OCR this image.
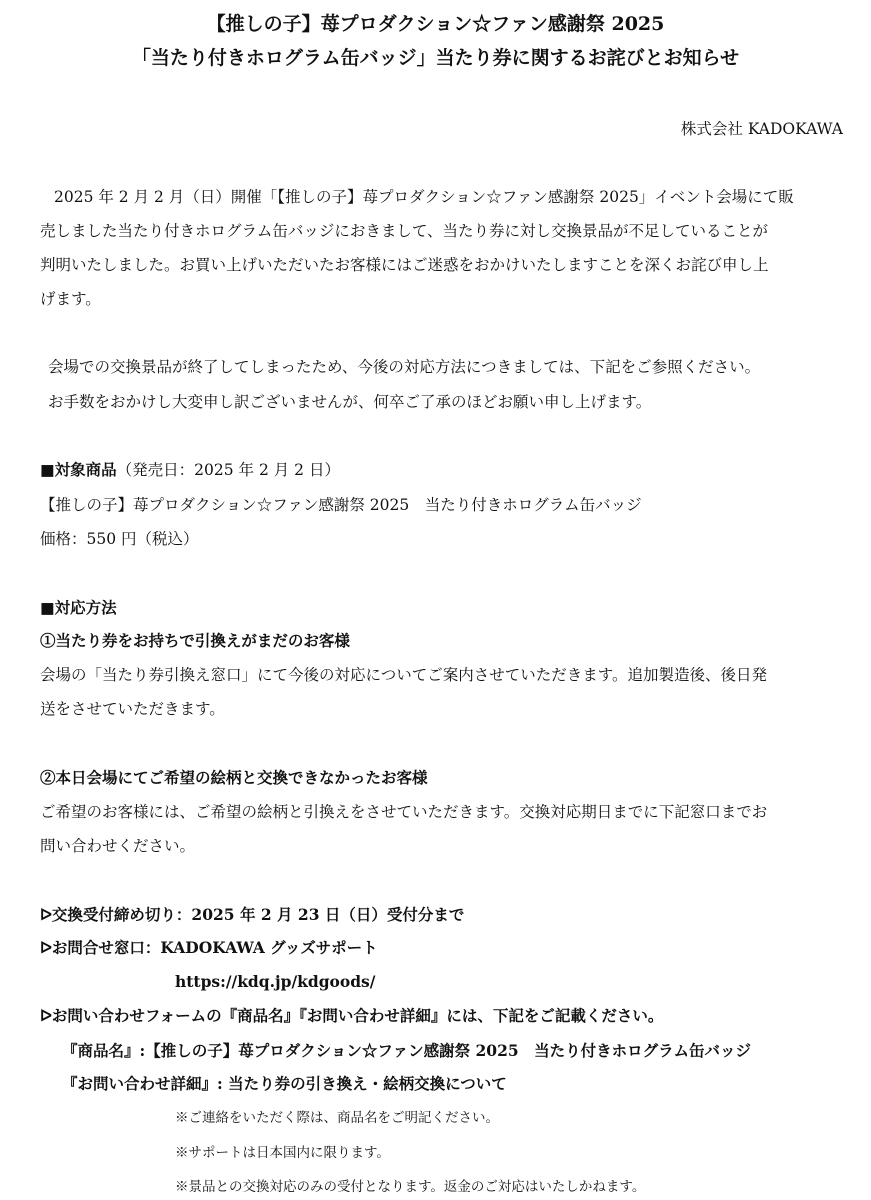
【推しの子】苺プロダクション☆ファン感謝祭 2025
「当たり付きホログラム缶バッジ」当たり券に関するお詫びとお知らせ
株式会社 KADOKAWA
2025 年 2 月 2 月（日）開催「【推しの子】苺プロダクション☆ファン感謝祭 2025」イベント会場にて販
売しました当たり付きホログラム缶バッジにおきまして、当たり券に対し交換景品が不足していることが
判明いたしました。お買い上げいただいたお客様にはご迷惑をおかけいたしますことを深くお詫び申し上
げます。
会場での交換景品が終了してしまったため、今後の対応方法につきましては、下記をご参照ください。
お手数をおかけし大変申し訳ございませんが、何卒ご了承のほどお願い申し上げます。
■対象商品（発売日：2025 年 2 月 2 日）
【推しの子】苺プロダクション☆ファン感謝祭 2025　当たり付きホログラム缶バッジ
価格：550 円（税込）
■対応方法
①当たり券をお持ちで引換えがまだのお客様
会場の「当たり券引換え窓口」にて今後の対応についてご案内させていただきます。追加製造後、後日発
送をさせていただきます。
②本日会場にてご希望の絵柄と交換できなかったお客様
ご希望のお客様には、ご希望の絵柄と引換えをさせていただきます。交換対応期日までに下記窓口までお
問い合わせください。
ᐅ交換受付締め切り：2025 年 2 月 23 日（日）受付分まで
ᐅお問合せ窓口：KADOKAWA グッズサポート
https://kdq.jp/kdgoods/
ᐅお問い合わせフォームの『商品名』『お問い合わせ詳細』には、下記をご記載ください。
『商品名』:【推しの子】苺プロダクション☆ファン感謝祭 2025　当たり付きホログラム缶バッジ
『お問い合わせ詳細』: 当たり券の引き換え・絵柄交換について
※ご連絡をいただく際は、商品名をご明記ください。
※サポートは日本国内に限ります。
※景品との交換対応のみの受付となります。返金のご対応はいたしかねます。
